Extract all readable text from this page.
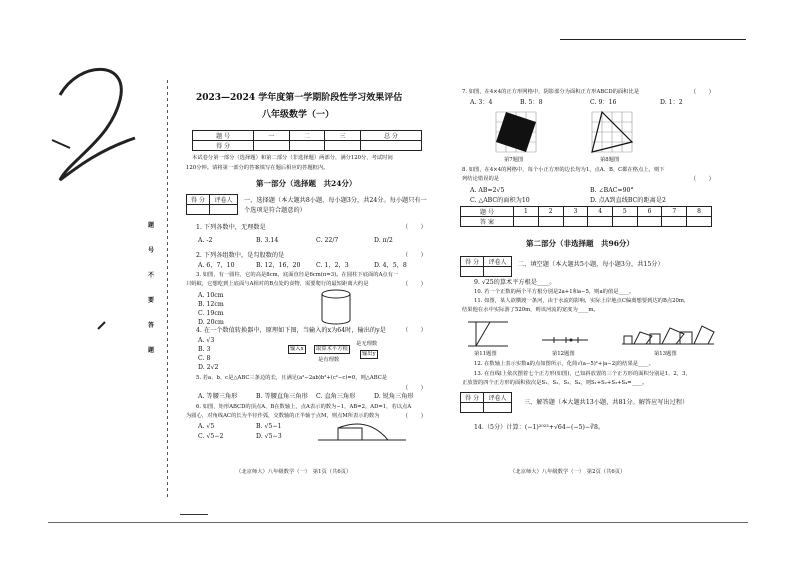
题
号
不
要
答
题
2023—2024 学年度第一学期阶段性学习效果评估
八年级数学（一）
题 号	一	二	三	总 分
得 分				
本试卷分第一部分（选择题）和第二部分（非选择题）两部分，满分120分，考试时间
120分钟。请将第一部分的答案填写在题后相应的答题框内。
第一部分（选择题　共24分）
得 分	评卷人
	一、选择题（本大题共8小题，每小题3分，共24分。每小题只有一
个选项是符合题意的）
1. 下列各数中，无理数是	（　　）
A. -2	B. 3.14	C. 22/7	D. π/2
2. 下列各组数中，是勾股数的是	（　　）
A. 6，7，10	B. 12，16，20	C. 1，2，3	D. 4，5，8
3. 如图，有一圆柱，它的高是8cm，底面直径是6cm(π=3)。在圆柱下底面的A点有一
只蚂蚁，它想吃到上底面与A相对的B点处的食物，需要爬行的最短距离大约是	（　　）
A. 10cm
B. 12cm
C. 19cm
D. 20cm
4. 在一个数值转换器中，原理如下图，当输入的x为64时，输出的y是	（　　）
A. √3
B. 3
C. 8
D. 2√2
输入x	取算术平方根
是无理数
输出y
是有理数
5. 若a、b、c是△ABC三条边的长，且满足(a²−2ab)b²+(c²−c)=0，则△ABC是
（　　）
A. 等腰三角形	B. 等腰直角三角形 C. 直角三角形	D. 锐角三角形
6. 如图，矩形ABCD的顶点A、B在数轴上，点A表示的数为−1，AB=2，AD=1，若以点A
为圆心，对角线AC的长为半径作弧，交数轴的正半轴于点M，则点M所表示的数为	（　　）
A. √5	B. √5−1
C. √5−2	D. √5−3
（北京师大）八年级数学（一）　第1页（共6页）
7. 如图，在4×4的正方形网格中，阴影部分为面积正方形ABCD的面积比是	（　　）
A. 3：4	B. 5：8	C. 9：16	D. 1：2
第7题图	第8题图
8. 如图，在4×4的网格中，每个小正方形的边长均为1，点A、B、C都在格点上，则下
列结论错误的是	（　　）
A. AB=2√5	B. ∠BAC=90°
C. △ABC的面积为10	D. 点A到直线BC的距离是2
题 号	1	2	3	4	5	6	7	8
答 案								
第二部分（非选择题　共96分）
得 分	评卷人
	二、填空题（本大题共5小题，每小题3分，共15分）
9. √25的算术平方根是____。
10. 若一个正数的两个平方根分别是2a+1和a−5，则a的值是____。
11. 如图，某人欲横渡一条河，由于水流的影响，实际上岸地点C偏离想要到达的B点20m，
结果他在水中实际游了520m，则该河流的宽度为____m。
第11题图	第12题图	第13题图
12. 在数轴上表示实数a的点如图所示，化简√(a−5)²+|a−2|的结果是____。
13. 在直线l上依次摆着七个正方形(如图)，已知斜放置的三个正方形的面积分别是1，2，3，
正放置的四个正方形的面积依次是S₁、S₂、S₃、S₄，则S₁+S₂+S₃+S₄=____。
得 分	评卷人

三、解答题（本大题共13小题，共81分。解答应写出过程）
14.（5分）计算：(−1)²⁰²³+√64−(−5)−∛8。
（北京师大）八年级数学（一）　第2页（共6页）
